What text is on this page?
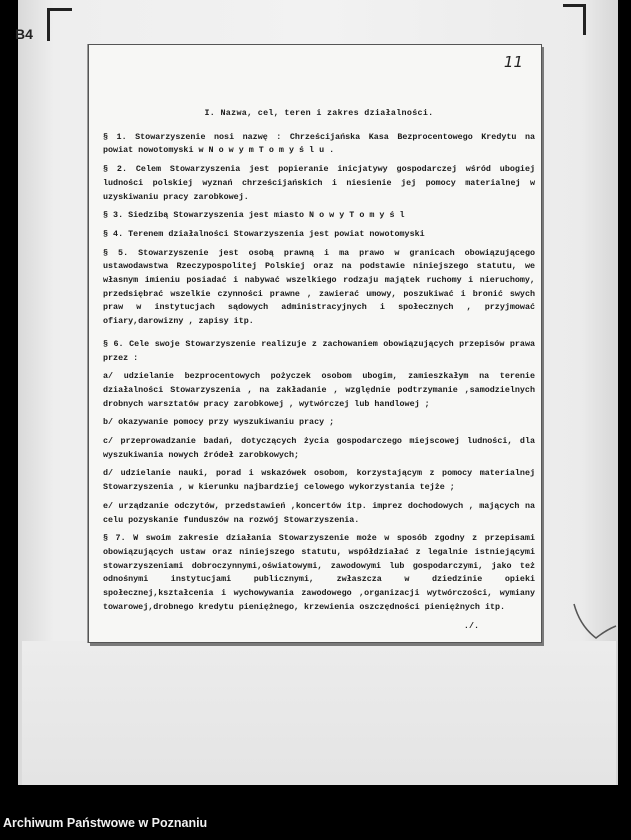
B4
11
I. Nazwa, cel, teren i zakres działalności.

§ 1. Stowarzyszenie nosi nazwę : Chrześcijańska Kasa Bezprocentowego Kredytu na powiat nowotomyski w N o w y m T o m y ś l u .

§ 2. Celem Stowarzyszenia jest popieranie inicjatywy gospodarczej wśród ubogiej ludności polskiej wyznań chrześcijańskich i niesienie jej pomocy materialnej w uzyskiwaniu pracy zarobkowej.

§ 3. Siedzibą Stowarzyszenia jest miasto N o w y T o m y ś l

§ 4. Terenem działalności Stowarzyszenia jest powiat nowotomyski

§ 5. Stowarzyszenie jest osobą prawną i ma prawo w granicach obowiązującego ustawodawstwa Rzeczypospolitej Polskiej oraz na podstawie niniejszego statutu, we własnym imieniu posiadać i nabywać wszelkiego rodzaju majątek ruchomy i nieruchomy, przedsiębrać wszelkie czynności prawne , zawierać umowy, poszukiwać i bronić swych praw w instytucjach sądowych administracyjnych i społecznych , przyjmować ofiary,darowizny , zapisy itp.

§ 6. Cele swoje Stowarzyszenie realizuje z zachowaniem obowiązujących przepisów prawa przez :

a/ udzielanie bezprocentowych pożyczek osobom ubogim, zamieszkałym na terenie działalności Stowarzyszenia , na zakładanie , względnie podtrzymanie ,samodzielnych drobnych warsztatów pracy zarobkowej , wytwórczej lub handlowej ;

b/ okazywanie pomocy przy wyszukiwaniu pracy ;

c/ przeprowadzanie badań, dotyczących życia gospodarczego miejscowej ludności, dla wyszukiwania nowych źródeł zarobkowych;

d/ udzielanie nauki, porad i wskazówek osobom, korzystającym z pomocy materialnej Stowarzyszenia , w kierunku najbardziej celowego wykorzystania tejże ;

e/ urządzanie odczytów, przedstawień ,koncertów itp. imprez dochodowych , mających na celu pozyskanie funduszów na rozwój Stowarzyszenia.

§ 7. W swoim zakresie działania Stowarzyszenie może w sposób zgodny z przepisami obowiązujących ustaw oraz niniejszego statutu, współdziałać z legalnie istniejącymi stowarzyszeniami dobroczynnymi,oświatowymi, zawodowymi lub gospodarczymi, jako też odnośnymi instytucjami publicznymi, zwłaszcza w dziedzinie opieki społecznej,kształcenia i wychowywania zawodowego ,organizacji wytwórczości, wymiany towarowej,drobnego kredytu pieniężnego, krzewienia oszczędności pieniężnych itp.

./.
Archiwum Państwowe w Poznaniu
